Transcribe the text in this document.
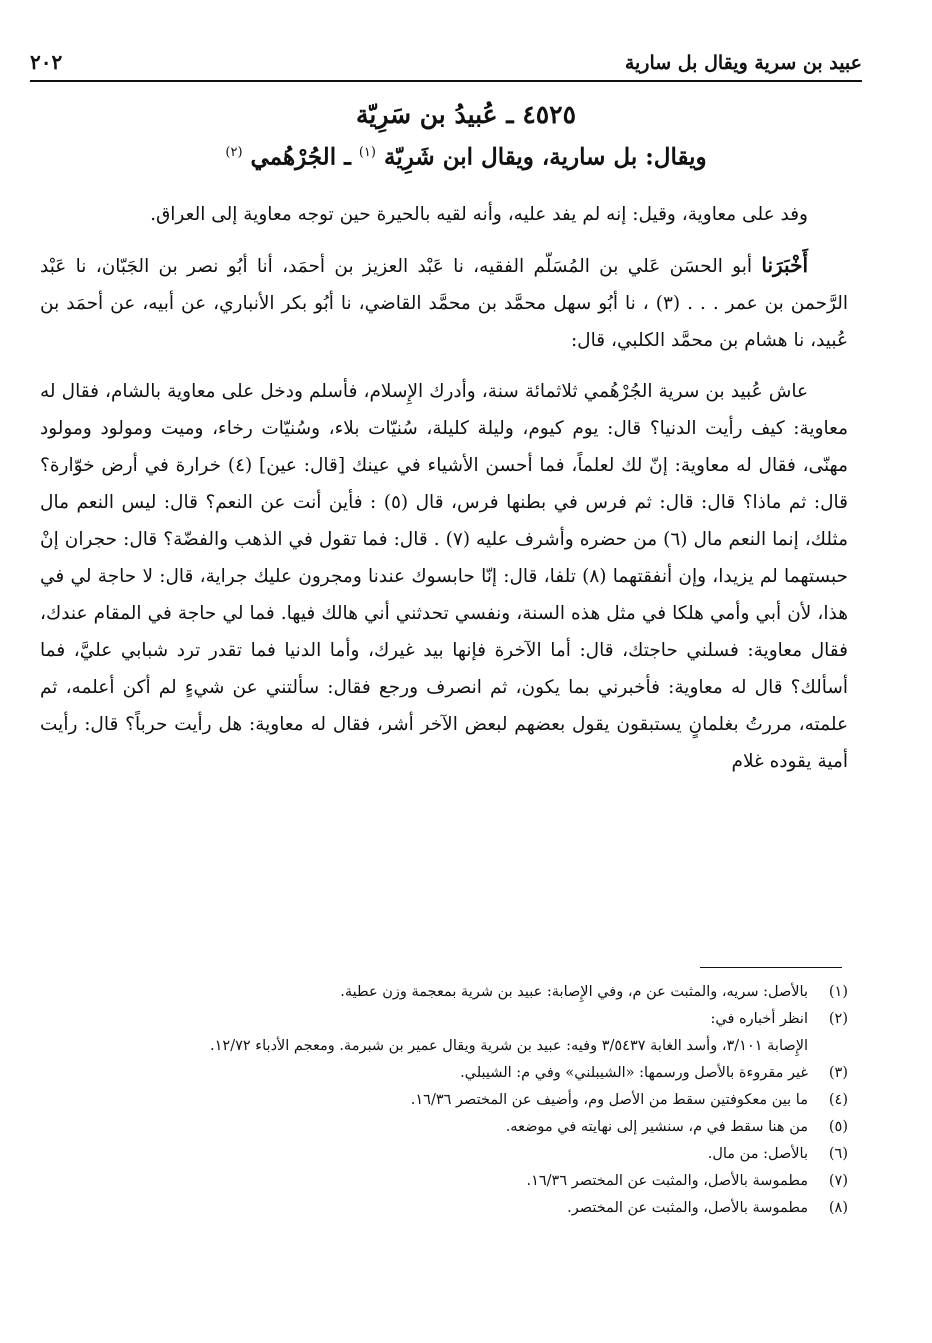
٢٠٢	عبيد بن سرية ويقال بل سارية
٤٥٢٥ ـ عُبيدُ بن سَرِيّة
ويقال: بل سارية، ويقال ابن شَرِيّة $^{(١)}$ ـ الجُرْهُمي $^{(٢)}$

وفد على معاوية، وقيل: إنه لم يفد عليه، وأنه لقيه بالحيرة حين توجه معاوية إلى العراق.

أَخْبَرَنا أبو الحسَن عَلي بن المُسَلّم الفقيه، نا عَبْد العزيز بن أحمَد، أنا أبُو نصر بن الجَبّان، نا عَبْد الرَّحمن بن عمر . . . (٣) ، نا أبُو سهل محمَّد بن محمَّد القاضي، نا أبُو بكر الأنباري، عن أبيه، عن أحمَد بن عُبيد، نا هشام بن محمَّد الكلبي، قال:

عاش عُبيد بن سرية الجُرْهُمي ثلاثمائة سنة، وأدرك الإِسلام، فأسلم ودخل على معاوية بالشام، فقال له معاوية: كيف رأيت الدنيا؟ قال: يوم كيوم، وليلة كليلة، سُنيّات بلاء، وسُنيّات رخاء، وميت ومولود ومولود مهنّى، فقال له معاوية: إنّ لك لعلماً، فما أحسن الأشياء في عينك [قال: عين] (٤) خرارة في أرض خوّارة؟ قال: ثم ماذا؟ قال: قال: ثم فرس في بطنها فرس، قال (٥) : فأين أنت عن النعم؟ قال: ليس النعم مال مثلك، إنما النعم مال (٦) من حضره وأشرف عليه (٧) . قال: فما تقول في الذهب والفضّة؟ قال: حجران إنْ حبستهما لم يزيدا، وإن أنفقتهما (٨) تلفا، قال: إنّا حابسوك عندنا ومجرون عليك جراية، قال: لا حاجة لي في هذا، لأن أبي وأمي هلكا في مثل هذه السنة، ونفسي تحدثني أني هالك فيها. فما لي حاجة في المقام عندك، فقال معاوية: فسلني حاجتك، قال: أما الآخرة فإنها بيد غيرك، وأما الدنيا فما تقدر ترد شبابي عليَّ، فما أسألك؟ قال له معاوية: فأخبرني بما يكون، ثم انصرف ورجع فقال: سألتني عن شيءٍ لم أكن أعلمه، ثم علمته، مررتُ بغلمانٍ يستبقون يقول بعضهم لبعض الآخر أشر، فقال له معاوية: هل رأيت حرباً؟ قال: رأيت أمية يقوده غلام

(١)
بالأصل: سريه، والمثبت عن م، وفي الإِصابة: عبيد بن شرية بمعجمة وزن عطية.
(٢)
انظر أخباره في:
الإِصابة ٣/١٠١، وأسد الغابة ٣/٥٤٣٧ وفيه: عبيد بن شرية ويقال عمير بن شبرمة. ومعجم الأدباء ١٢/٧٢.
(٣)
غير مقروءة بالأصل ورسمها: «الشيبلني» وفي م: الشيبلي.
(٤)
ما بين معكوفتين سقط من الأصل وم، وأضيف عن المختصر ١٦/٣٦.
(٥)
من هنا سقط في م، سنشير إلى نهايته في موضعه.
(٦)
بالأصل: من مال.
(٧)
مطموسة بالأصل، والمثبت عن المختصر ١٦/٣٦.
(٨)
مطموسة بالأصل، والمثبت عن المختصر.
